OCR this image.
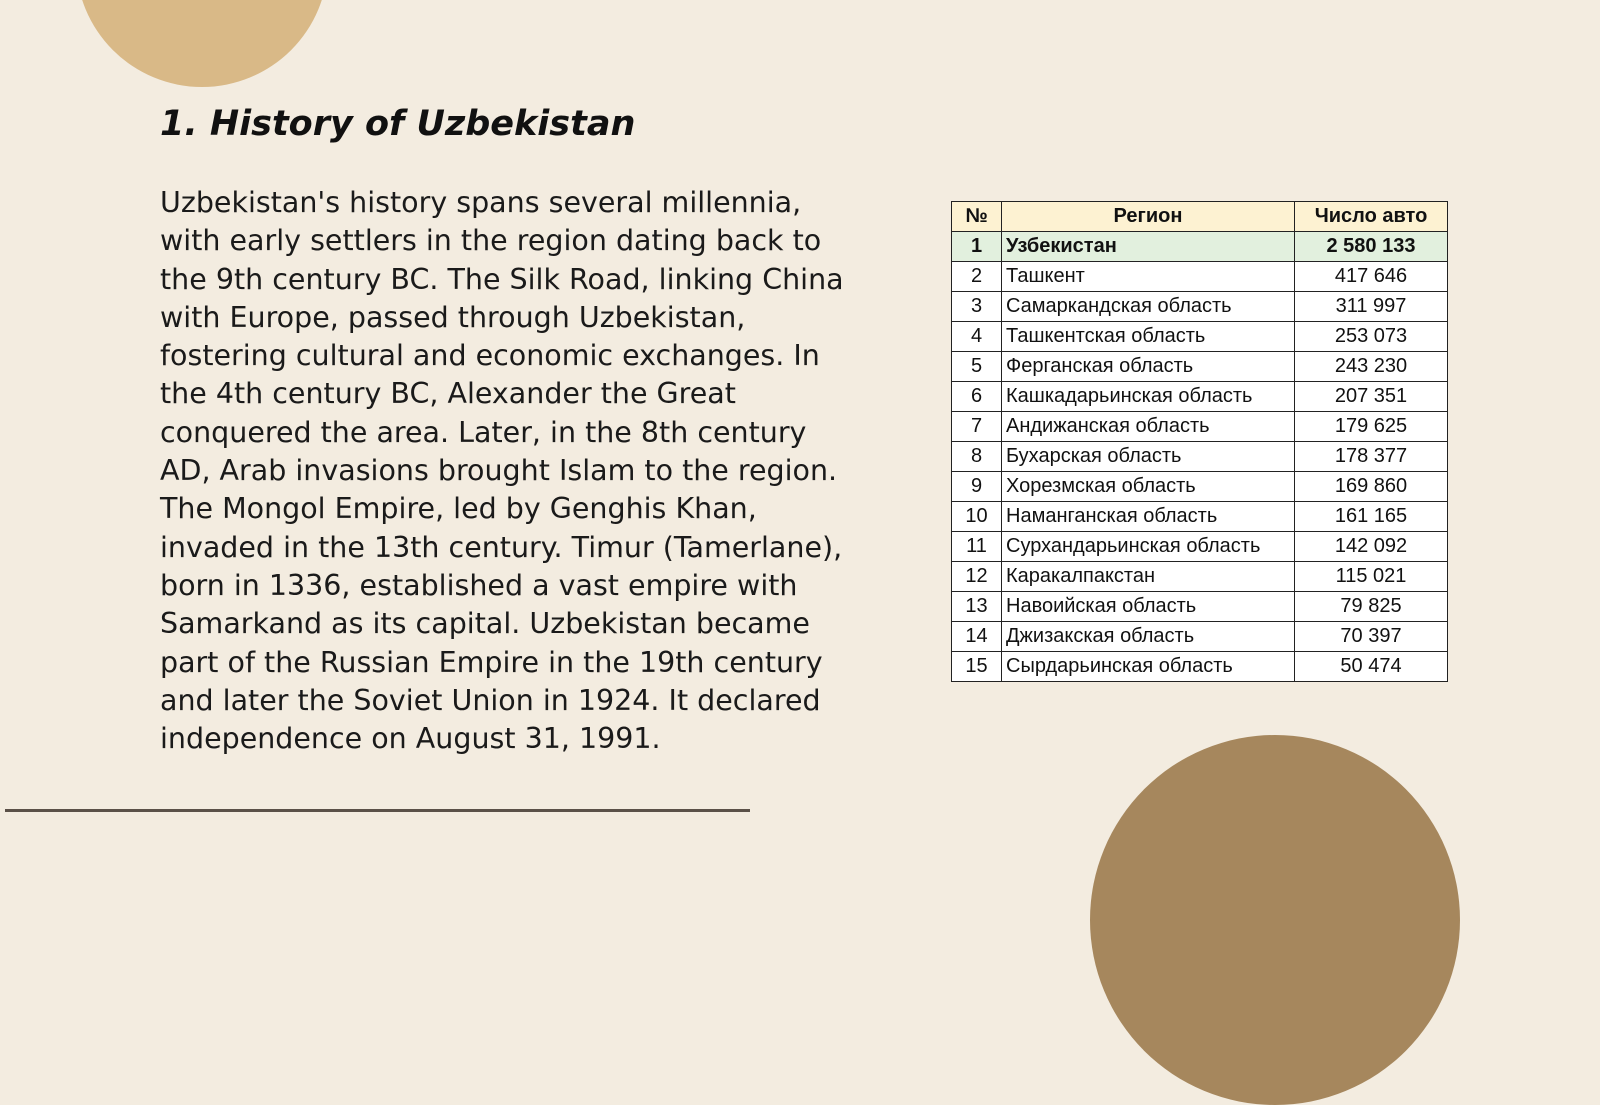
1. History of Uzbekistan

Uzbekistan's history spans several millennia, with early settlers in the region dating back to the 9th century BC. The Silk Road, linking China with Europe, passed through Uzbekistan, fostering cultural and economic exchanges. In the 4th century BC, Alexander the Great conquered the area. Later, in the 8th century AD, Arab invasions brought Islam to the region. The Mongol Empire, led by Genghis Khan, invaded in the 13th century. Timur (Tamerlane), born in 1336, established a vast empire with Samarkand as its capital. Uzbekistan became part of the Russian Empire in the 19th century and later the Soviet Union in 1924. It declared independence on August 31, 1991.

№	Регион	Число авто
1	Узбекистан	2 580 133
2	Ташкент	417 646
3	Самаркандская область	311 997
4	Ташкентская область	253 073
5	Ферганская область	243 230
6	Кашкадарьинская область	207 351
7	Андижанская область	179 625
8	Бухарская область	178 377
9	Хорезмская область	169 860
10	Наманганская область	161 165
11	Сурхандарьинская область	142 092
12	Каракалпакстан	115 021
13	Навоийская область	79 825
14	Джизакская область	70 397
15	Сырдарьинская область	50 474
